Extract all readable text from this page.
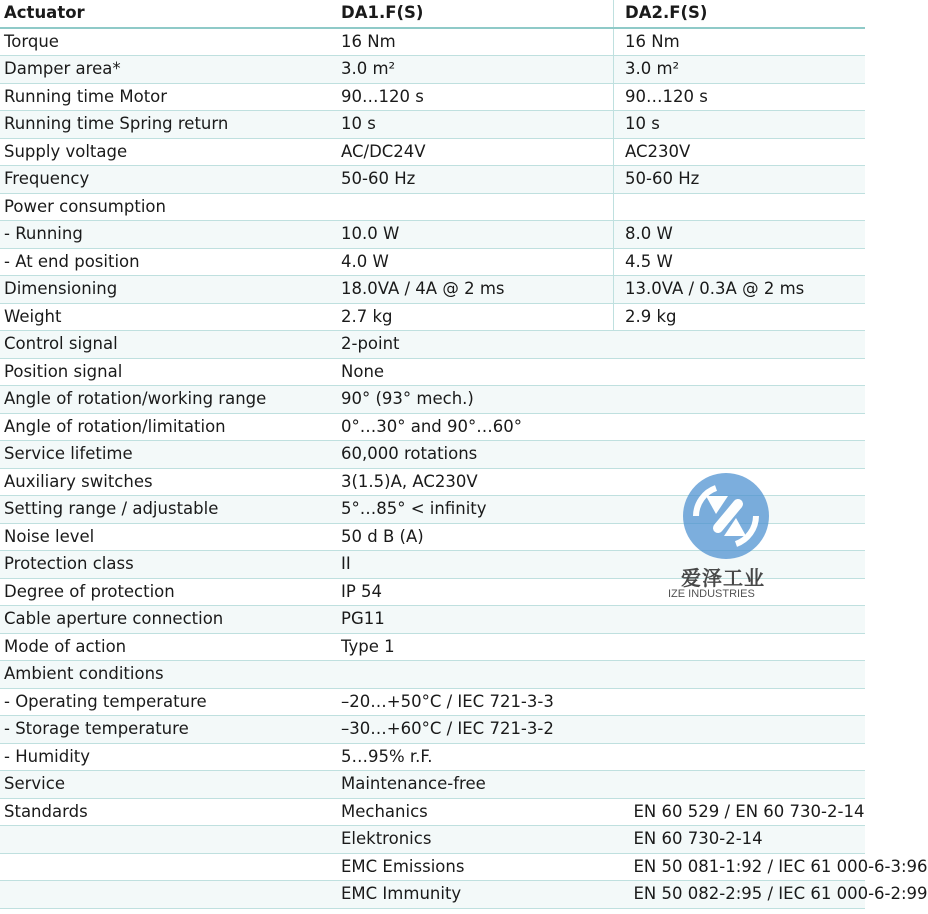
Actuator	DA1.F(S)	DA2.F(S)
Torque	16 Nm	16 Nm
Damper area*	3.0 m²	3.0 m²
Running time Motor	90…120 s	90…120 s
Running time Spring return	10 s	10 s
Supply voltage	AC/DC24V	AC230V
Frequency	50-60 Hz	50-60 Hz
Power consumption		
- Running	10.0 W	8.0 W
- At end position	4.0 W	4.5 W
Dimensioning	18.0VA / 4A @ 2 ms	13.0VA / 0.3A @ 2 ms
Weight	2.7 kg	2.9 kg
Control signal	2-point	
Position signal	None	
Angle of rotation/working range	90° (93° mech.)	
Angle of rotation/limitation	0°…30° and 90°…60°	
Service lifetime	60,000 rotations	
Auxiliary switches	3(1.5)A, AC230V	
Setting range / adjustable	5°…85° < infinity	
Noise level	50 d B (A)	
Protection class	II	
Degree of protection	IP 54	
Cable aperture connection	PG11	
Mode of action	Type 1	
Ambient conditions		
- Operating temperature	–20…+50°C / IEC 721-3-3	
- Storage temperature	–30…+60°C / IEC 721-3-2	
- Humidity	5…95% r.F.	
Service	Maintenance-free	
Standards	Mechanics	EN 60 529 / EN 60 730-2-14
	Elektronics	EN 60 730-2-14
	EMC Emissions	EN 50 081-1:92 / IEC 61 000-6-3:96
	EMC Immunity	EN 50 082-2:95 / IEC 61 000-6-2:99
爱泽工业
IZE INDUSTRIES
